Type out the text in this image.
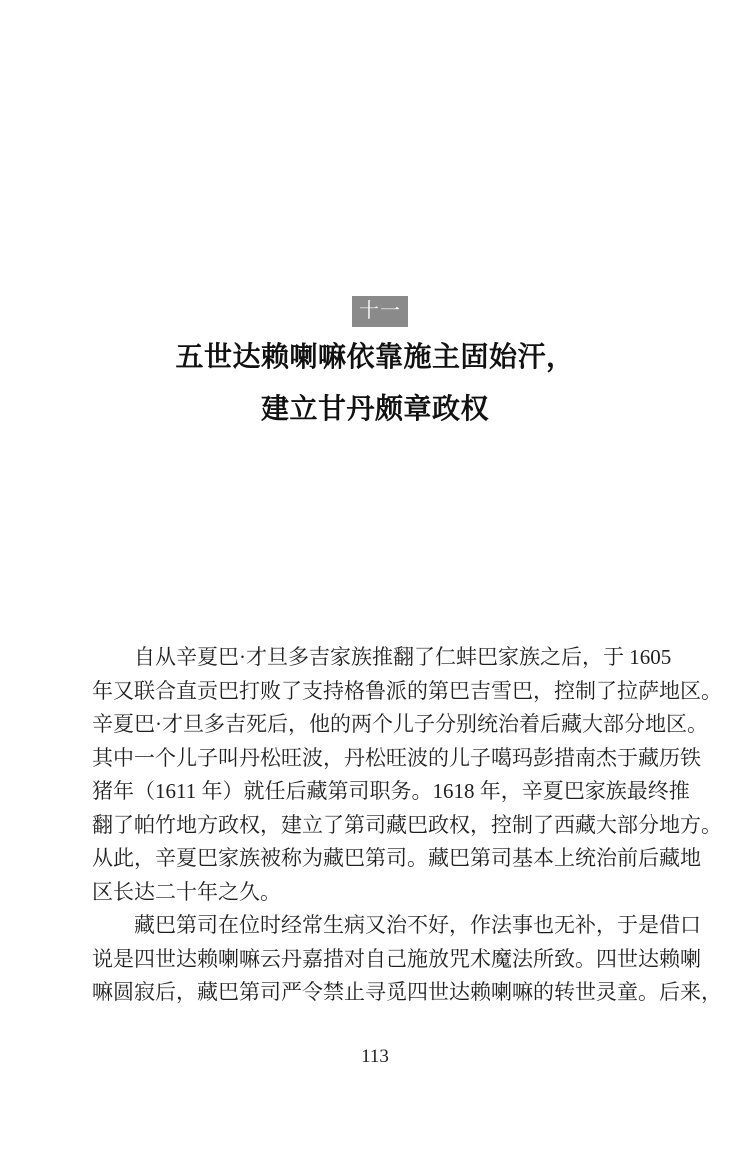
十一
五世达赖喇嘛依靠施主固始汗，
建立甘丹颇章政权
自从辛夏巴·才旦多吉家族推翻了仁蚌巴家族之后，于 1605
年又联合直贡巴打败了支持格鲁派的第巴吉雪巴，控制了拉萨地区。
辛夏巴·才旦多吉死后，他的两个儿子分别统治着后藏大部分地区。
其中一个儿子叫丹松旺波，丹松旺波的儿子噶玛彭措南杰于藏历铁
猪年（1611 年）就任后藏第司职务。1618 年，辛夏巴家族最终推
翻了帕竹地方政权，建立了第司藏巴政权，控制了西藏大部分地方。
从此，辛夏巴家族被称为藏巴第司。藏巴第司基本上统治前后藏地
区长达二十年之久。
藏巴第司在位时经常生病又治不好，作法事也无补，于是借口
说是四世达赖喇嘛云丹嘉措对自己施放咒术魔法所致。四世达赖喇
嘛圆寂后，藏巴第司严令禁止寻觅四世达赖喇嘛的转世灵童。后来，
113
